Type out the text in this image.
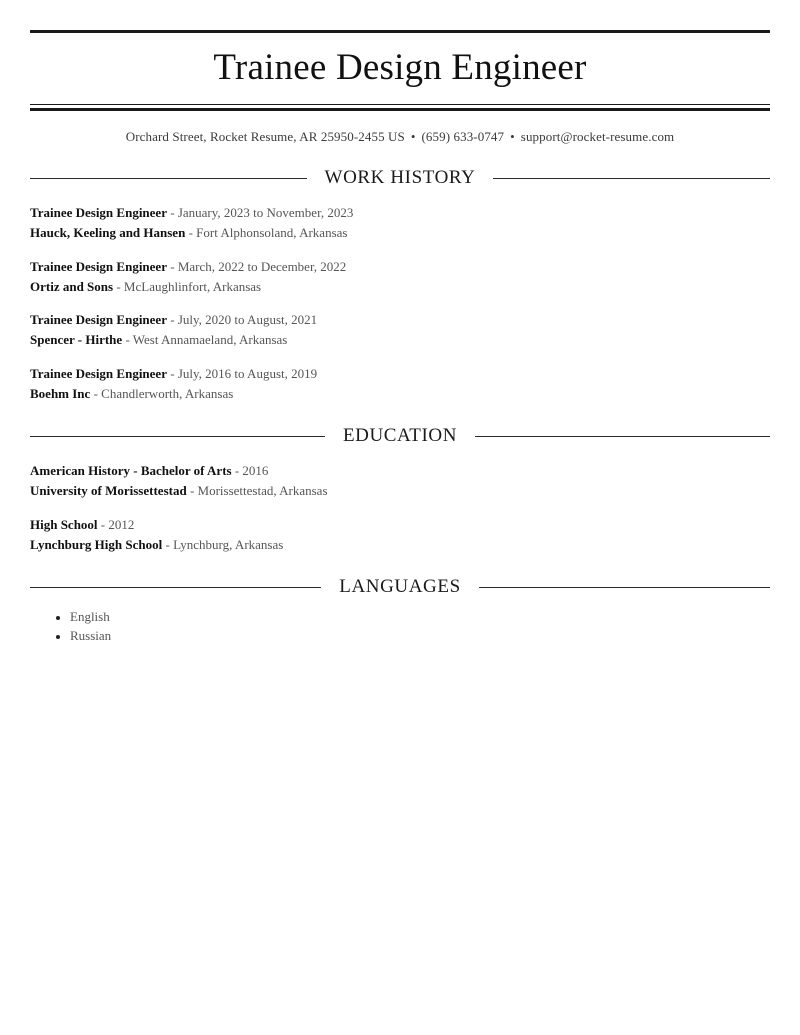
Trainee Design Engineer
Orchard Street, Rocket Resume, AR 25950-2455 US • (659) 633-0747 • support@rocket-resume.com
WORK HISTORY
Trainee Design Engineer - January, 2023 to November, 2023
Hauck, Keeling and Hansen - Fort Alphonsoland, Arkansas
Trainee Design Engineer - March, 2022 to December, 2022
Ortiz and Sons - McLaughlinfort, Arkansas
Trainee Design Engineer - July, 2020 to August, 2021
Spencer - Hirthe - West Annamaeland, Arkansas
Trainee Design Engineer - July, 2016 to August, 2019
Boehm Inc - Chandlerworth, Arkansas
EDUCATION
American History - Bachelor of Arts - 2016
University of Morissettestad - Morissettestad, Arkansas
High School - 2012
Lynchburg High School - Lynchburg, Arkansas
LANGUAGES
English
Russian
